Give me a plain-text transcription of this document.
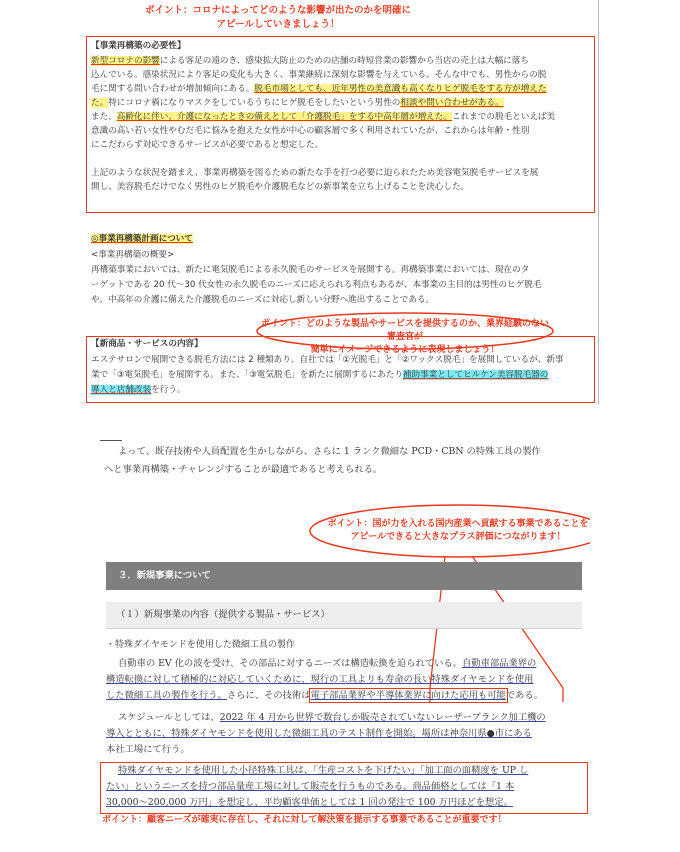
ポイント：コロナによってどのような影響が出たのかを明確に
アピールしていきましょう！
【事業再構築の必要性】
新型コロナの影響による客足の遠のき、感染拡大防止のための店舗の時短営業の影響から当店の売上は大幅に落ち
込んでいる。感染状況により客足の変化も大きく、事業継続に深刻な影響を与えている。そんな中でも、男性からの脱
毛に関する問い合わせが増加傾向にある。脱毛市場としても、近年男性の美意識も高くなりヒゲ脱毛をする方が増えた
た。特にコロナ禍になりマスクをしているうちにヒゲ脱毛をしたいという男性の相談や問い合わせがある。
また、高齢化に伴い、介護になったときの備えとして「介護脱毛」をする中高年層が増えた。これまでの脱毛といえば美
意識の高い若い女性やむだ毛に悩みを抱えた女性が中心の顧客層で多く利用されていたが、これからは年齢・性別
にこだわらず対応できるサービスが必要であると想定した。
上記のような状況を踏まえ、事業再構築を図るための新たな手を打つ必要に迫られたため美容電気脱毛サービスを展
開し、美容脱毛だけでなく男性のヒゲ脱毛や介護脱毛などの新事業を立ち上げることを決心した。
◎事業再構築計画について
<事業再構築の概要>
再構築事業においては、新たに電気脱毛による永久脱毛のサービスを展開する。再構築事業においては、現在のタ
ーゲットである 20 代〜30 代女性の永久脱毛のニーズに応えられる利点もあるが、本事業の主目的は男性のヒゲ脱毛
や、中高年の介護に備えた介護脱毛のニーズに対応し新しい分野へ進出することである。
ポイント：どのような製品やサービスを提供するのか、業界経験のない審査官が
簡単にイメージできるように表現しましょう！
【新商品・サービスの内容】
エステサロンで展開できる脱毛方法には 2 種類あり、自社では「①光脱毛」と「②ワックス脱毛」を展開しているが、新事
業で「③電気脱毛」を展開する。また、「③電気脱毛」を新たに展開するにあたり補助事業としてヒルケン美容脱毛器の
導入と店舗改装を行う。
よって、既存技術や人員配置を生かしながら、さらに 1 ランク微細な PCD・CBN の特殊工具の製作
へと事業再構築・チャレンジすることが最適であると考えられる。
ポイント：国が力を入れる国内産業へ貢献する事業であることを
アピールできると大きなプラス評価につながります！
３．新規事業について
（１）新規事業の内容（提供する製品・サービス）
・特殊ダイヤモンドを使用した微細工具の製作
自動車の EV 化の波を受け、その部品に対するニーズは構造転換を迫られている。自動車部品業界の
構造転換に対して積極的に対応していくために、現行の工具よりも寿命の長い特殊ダイヤモンドを使用
した微細工具の製作を行う。さらに、その技術は電子部品業界や半導体業界に向けた応用も可能である。
スケジュールとしては、2022 年 4 月から世界で数台しか販売されていないレーザーブランク加工機の
導入とともに、特殊ダイヤモンドを使用した微細工具のテスト制作を開始。場所は神奈川県●市にある
本社工場にて行う。
特殊ダイヤモンドを使用した小径特殊工具は、「生産コストを下げたい」「加工面の面精度を UP し
たい」というニーズを持つ部品量産工場に対して販売を行うものである。商品価格としては「1 本
30,000〜200,000 万円」を想定し、平均顧客単価としては 1 回の発注で 100 万円ほどを想定。
ポイント：顧客ニーズが確実に存在し、それに対して解決策を提示する事業であることが重要です！
